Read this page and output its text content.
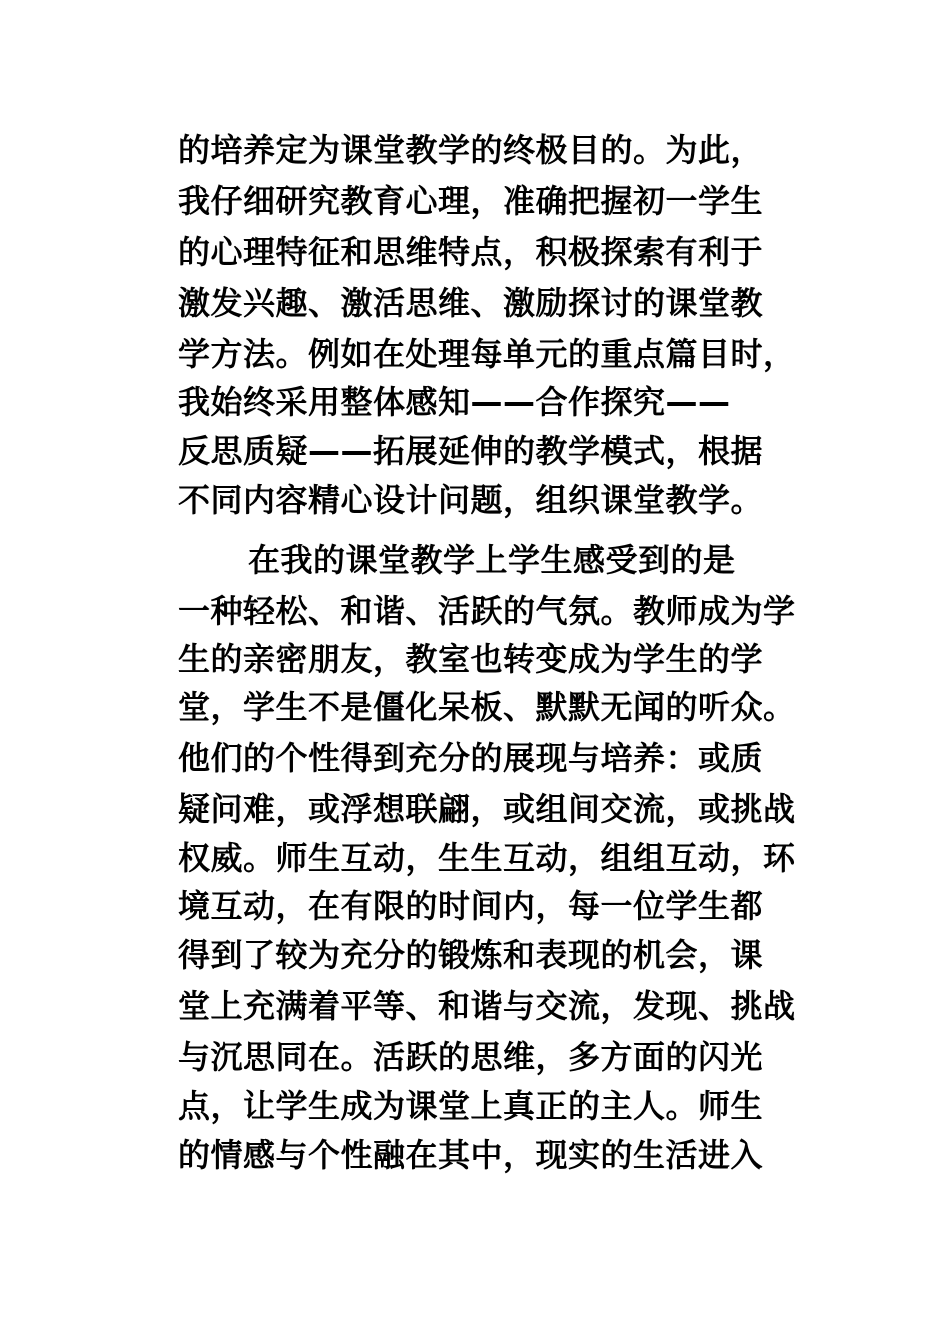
的培养定为课堂教学的终极目的。为此，
我仔细研究教育心理，准确把握初一学生
的心理特征和思维特点，积极探索有利于
激发兴趣、激活思维、激励探讨的课堂教
学方法。例如在处理每单元的重点篇目时，
我始终采用整体感知——合作探究——
反思质疑——拓展延伸的教学模式，根据
不同内容精心设计问题，组织课堂教学。
在我的课堂教学上学生感受到的是
一种轻松、和谐、活跃的气氛。教师成为学
生的亲密朋友，教室也转变成为学生的学
堂，学生不是僵化呆板、默默无闻的听众。
他们的个性得到充分的展现与培养：或质
疑问难，或浮想联翩，或组间交流，或挑战
权威。师生互动，生生互动，组组互动，环
境互动，在有限的时间内，每一位学生都
得到了较为充分的锻炼和表现的机会，课
堂上充满着平等、和谐与交流，发现、挑战
与沉思同在。活跃的思维，多方面的闪光
点，让学生成为课堂上真正的主人。师生
的情感与个性融在其中，现实的生活进入
